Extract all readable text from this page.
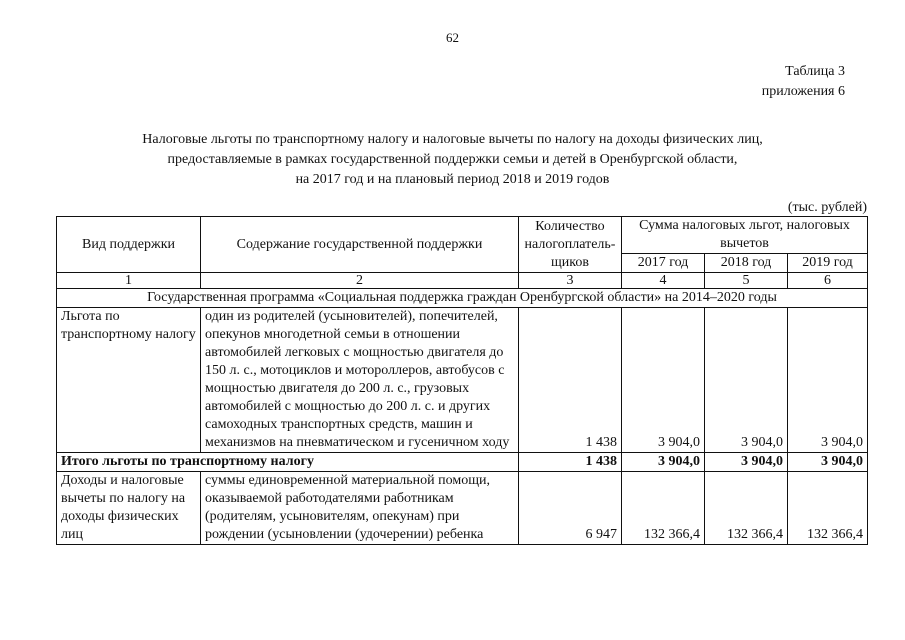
62
Таблица 3
приложения 6
Налоговые льготы по транспортному налогу и налоговые вычеты по налогу на доходы физических лиц,
предоставляемые в рамках государственной поддержки семьи и детей в Оренбургской области,
на 2017 год и на плановый период 2018 и 2019 годов
(тыс. рублей)
Вид поддержки	Содержание государственной поддержки	Количество налогоплатель-щиков	Сумма налоговых льгот, налоговых вычетов		
			2017 год	2018 год	2019 год
1	2	3	4	5	6
Государственная программа «Социальная поддержка граждан Оренбургской области» на 2014–2020 годы					
Льгота по транспортному налогу	один из родителей (усыновителей), попечителей, опекунов многодетной семьи в отношении автомобилей легковых с мощностью двигателя до 150 л. с., мотоциклов и мотороллеров, автобусов с мощностью двигателя до 200 л. с., грузовых автомобилей с мощностью до 200 л. с. и других самоходных транспортных средств, машин и механизмов на пневматическом и гусеничном ходу	1 438	3 904,0	3 904,0	3 904,0
Итого льготы по транспортному налогу		1 438	3 904,0	3 904,0	3 904,0
Доходы и налоговые вычеты по налогу на доходы физических лиц	суммы единовременной материальной помощи, оказываемой работодателями работникам (родителям, усыновителям, опекунам) при рождении (усыновлении (удочерении) ребенка	6 947	132 366,4	132 366,4	132 366,4
